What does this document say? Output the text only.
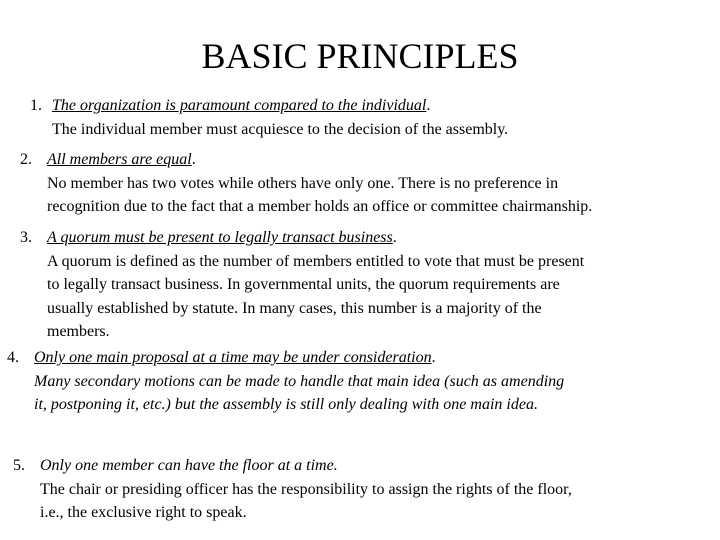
BASIC PRINCIPLES
1. The organization is paramount compared to the individual.
The individual member must acquiesce to the decision of the assembly.
2. All members are equal.
No member has two votes while others have only one. There is no preference in
recognition due to the fact that a member holds an office or committee chairmanship.
3. A quorum must be present to legally transact business.
A quorum is defined as the number of members entitled to vote that must be present
to legally transact business. In governmental units, the quorum requirements are
usually established by statute. In many cases, this number is a majority of the
members.
4. Only one main proposal at a time may be under consideration.
Many secondary motions can be made to handle that main idea (such as amending
it, postponing it, etc.) but the assembly is still only dealing with one main idea.
5. Only one member can have the floor at a time.
The chair or presiding officer has the responsibility to assign the rights of the floor,
i.e., the exclusive right to speak.
